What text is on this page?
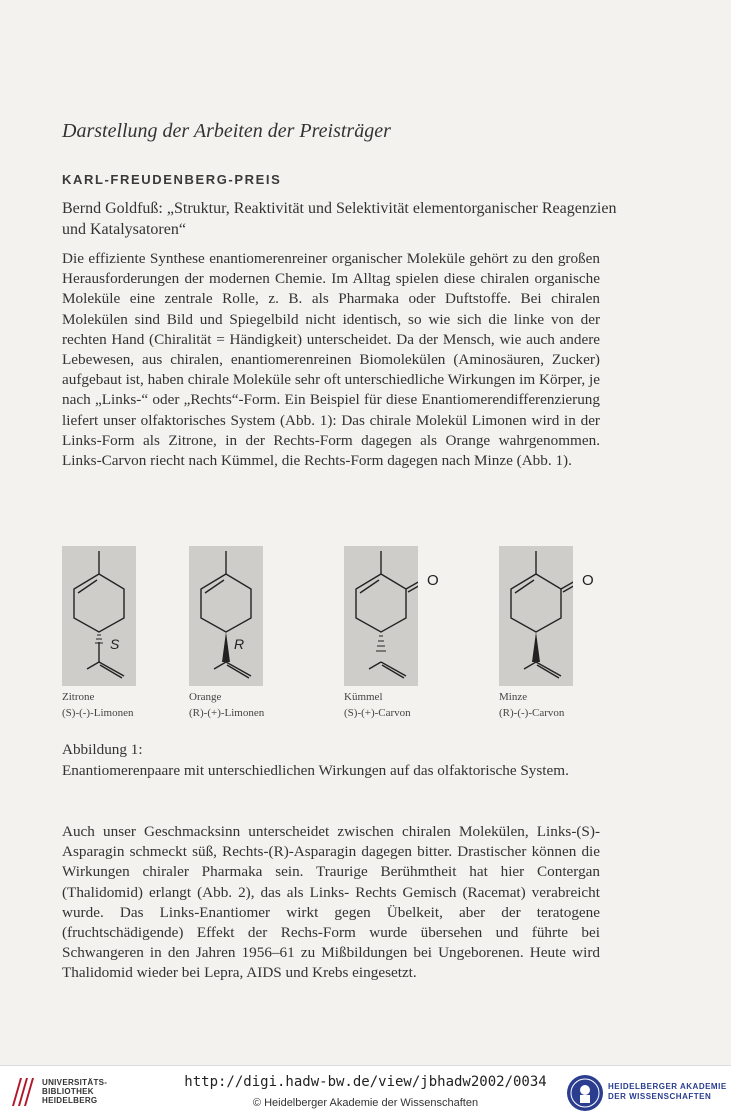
Darstellung der Arbeiten der Preisträger
KARL-FREUDENBERG-PREIS
Bernd Goldfuß: „Struktur, Reaktivität und Selektivität elementorganischer Reagenzien und Katalysatoren“
Die effiziente Synthese enantiomerenreiner organischer Moleküle gehört zu den großen Herausforderungen der modernen Chemie. Im Alltag spielen diese chiralen organische Moleküle eine zentrale Rolle, z. B. als Pharmaka oder Duftstoffe. Bei chiralen Molekülen sind Bild und Spiegelbild nicht identisch, so wie sich die linke von der rechten Hand (Chiralität = Händigkeit) unterscheidet. Da der Mensch, wie auch andere Lebewesen, aus chiralen, enantiomerenreinen Biomolekülen (Aminosäuren, Zucker) aufgebaut ist, haben chirale Moleküle sehr oft unterschiedliche Wirkungen im Körper, je nach „Links-“ oder „Rechts“-Form. Ein Beispiel für diese Enantiomerendifferenzierung liefert unser olfaktorisches System (Abb. 1): Das chirale Molekül Limonen wird in der Links-Form als Zitrone, in der Rechts-Form dagegen als Orange wahrgenommen. Links-Carvon riecht nach Kümmel, die Rechts-Form dagegen nach Minze (Abb. 1).
S
Zitrone
(S)-(-)-Limonen
R
Orange
(R)-(+)-Limonen
O
Kümmel
(S)-(+)-Carvon
O
Minze
(R)-(-)-Carvon
Abbildung 1:
Enantiomerenpaare mit unterschiedlichen Wirkungen auf das olfaktorische System.
Auch unser Geschmacksinn unterscheidet zwischen chiralen Molekülen, Links-(S)-Asparagin schmeckt süß, Rechts-(R)-Asparagin dagegen bitter. Drastischer können die Wirkungen chiraler Pharmaka sein. Traurige Berühmtheit hat hier Contergan (Thalidomid) erlangt (Abb. 2), das als Links- Rechts Gemisch (Racemat) verabreicht wurde. Das Links-Enantiomer wirkt gegen Übelkeit, aber der teratogene (fruchtschädigende) Effekt der Rechs-Form wurde übersehen und führte bei Schwangeren in den Jahren 1956–61 zu Mißbildungen bei Ungeborenen. Heute wird Thalidomid wieder bei Lepra, AIDS und Krebs eingesetzt.
UNIVERSITÄTS-
BIBLIOTHEK
HEIDELBERG
http://digi.hadw-bw.de/view/jbhadw2002/0034
© Heidelberger Akademie der Wissenschaften
HEIDELBERGER AKADEMIE
DER WISSENSCHAFTEN
